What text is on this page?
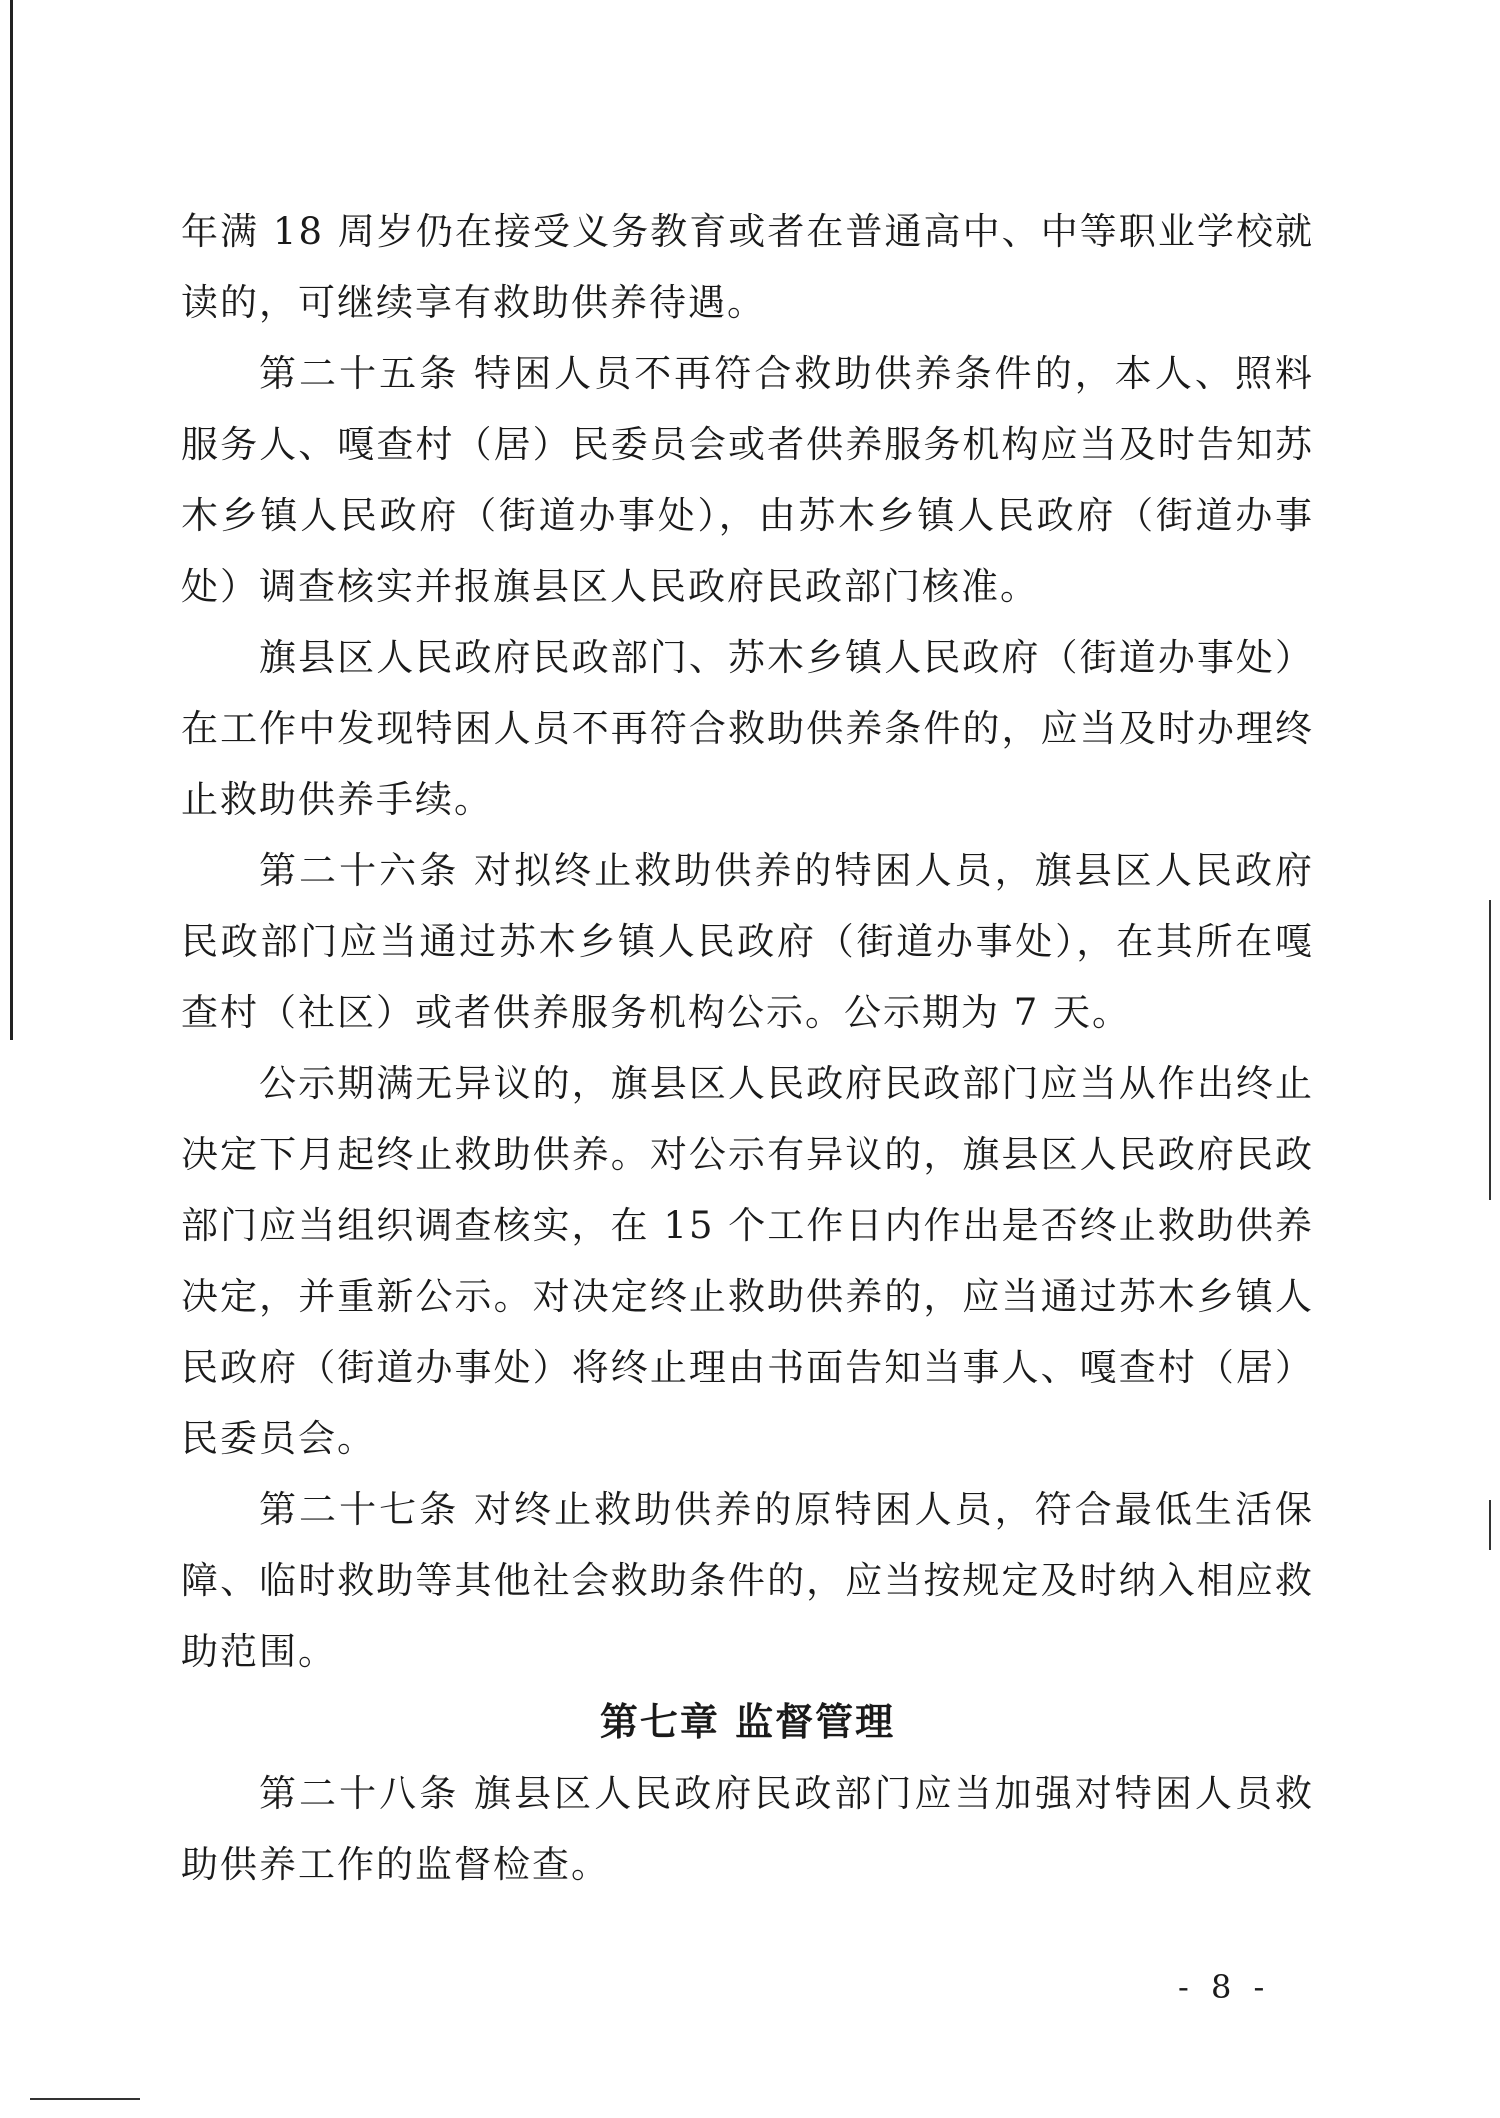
年满 18 周岁仍在接受义务教育或者在普通高中、中等职业学校就读的，可继续享有救助供养待遇。

第二十五条 特困人员不再符合救助供养条件的，本人、照料服务人、嘎查村（居）民委员会或者供养服务机构应当及时告知苏木乡镇人民政府（街道办事处），由苏木乡镇人民政府（街道办事处）调查核实并报旗县区人民政府民政部门核准。

旗县区人民政府民政部门、苏木乡镇人民政府（街道办事处）在工作中发现特困人员不再符合救助供养条件的，应当及时办理终止救助供养手续。

第二十六条 对拟终止救助供养的特困人员，旗县区人民政府民政部门应当通过苏木乡镇人民政府（街道办事处），在其所在嘎查村（社区）或者供养服务机构公示。公示期为 7 天。

公示期满无异议的，旗县区人民政府民政部门应当从作出终止决定下月起终止救助供养。对公示有异议的，旗县区人民政府民政部门应当组织调查核实，在 15 个工作日内作出是否终止救助供养决定，并重新公示。对决定终止救助供养的，应当通过苏木乡镇人民政府（街道办事处）将终止理由书面告知当事人、嘎查村（居）民委员会。

第二十七条 对终止救助供养的原特困人员，符合最低生活保障、临时救助等其他社会救助条件的，应当按规定及时纳入相应救助范围。

第七章 监督管理

第二十八条 旗县区人民政府民政部门应当加强对特困人员救助供养工作的监督检查。

- 8 -
